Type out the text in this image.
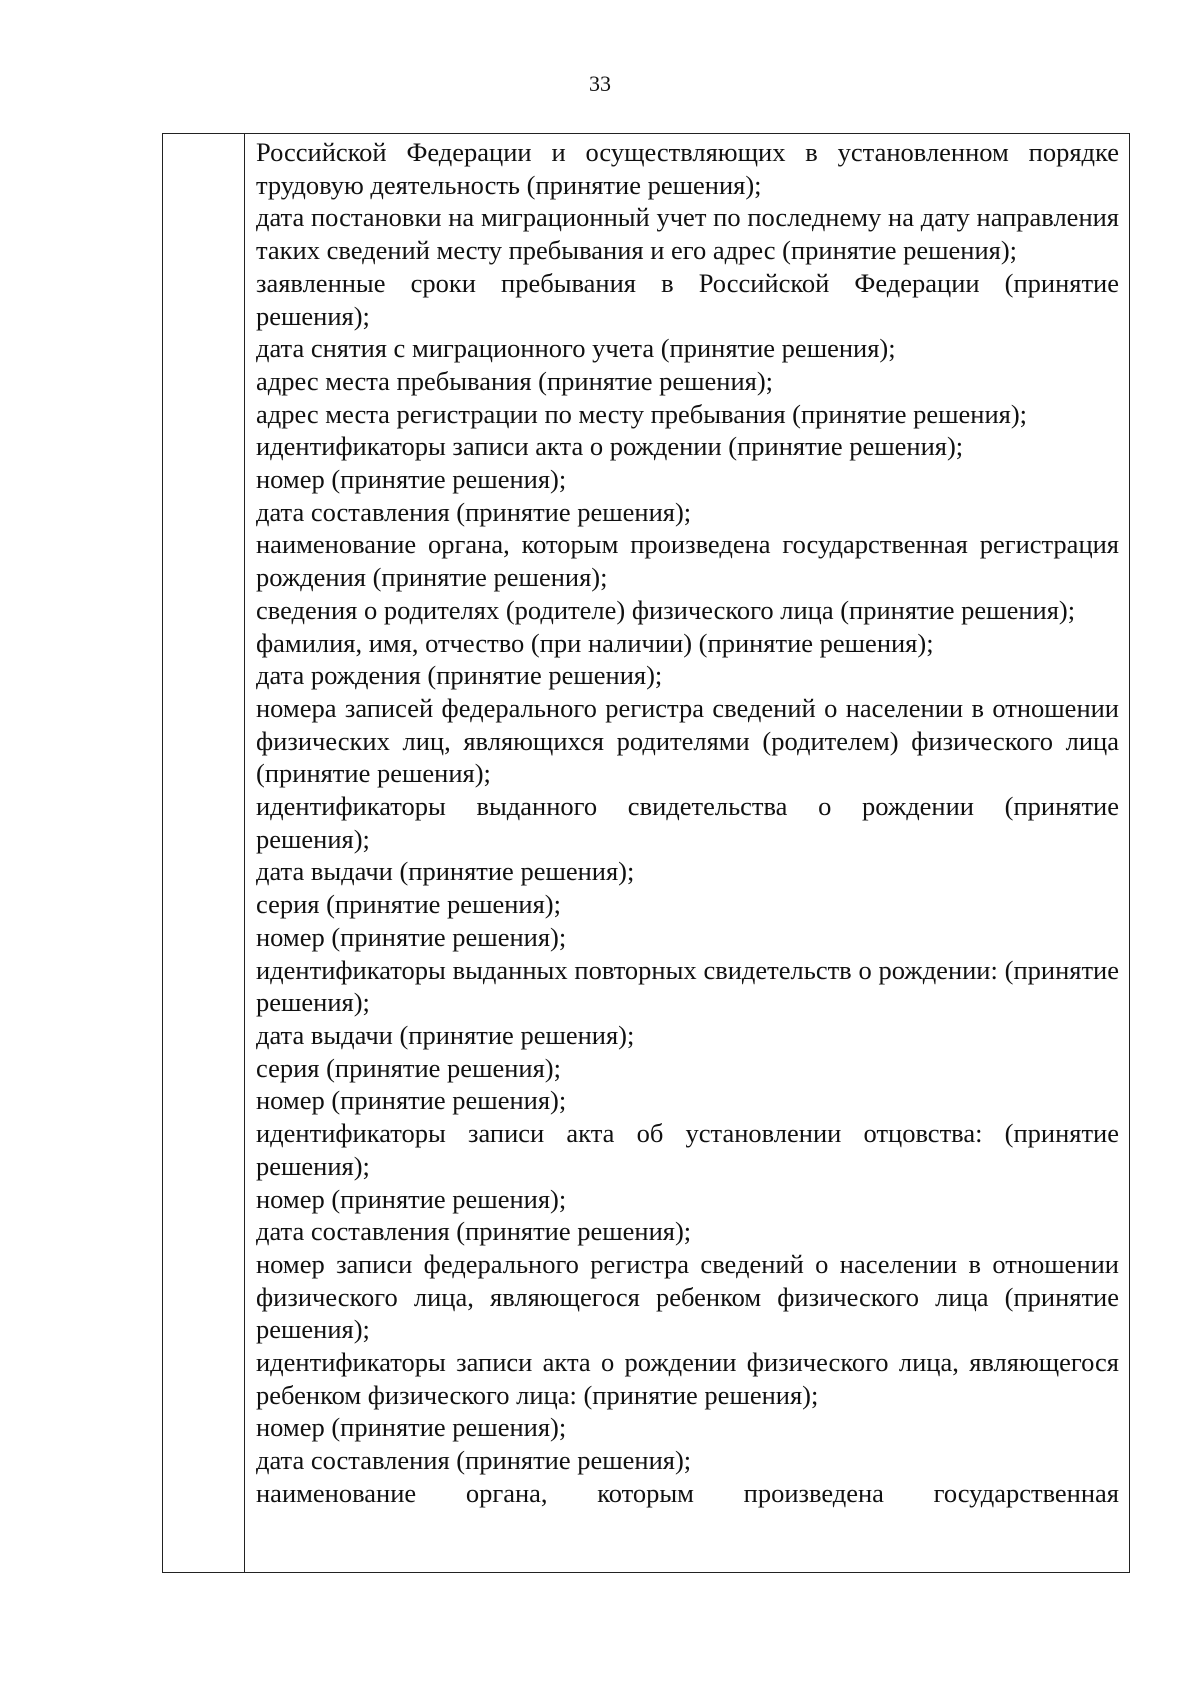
33

Российской Федерации и осуществляющих в установленном порядке трудовую деятельность (принятие решения);

дата постановки на миграционный учет по последнему на дату направления таких сведений месту пребывания и его адрес (принятие решения);

заявленные сроки пребывания в Российской Федерации (принятие решения);

дата снятия с миграционного учета (принятие решения);

адрес места пребывания (принятие решения);

адрес места регистрации по месту пребывания (принятие решения);

идентификаторы записи акта о рождении (принятие решения);

номер (принятие решения);

дата составления (принятие решения);

наименование органа, которым произведена государственная регистрация рождения (принятие решения);

сведения о родителях (родителе) физического лица (принятие решения);

фамилия, имя, отчество (при наличии) (принятие решения);

дата рождения (принятие решения);

номера записей федерального регистра сведений о населении в отношении физических лиц, являющихся родителями (родителем) физического лица (принятие решения);

идентификаторы выданного свидетельства о рождении (принятие решения);

дата выдачи (принятие решения);

серия (принятие решения);

номер (принятие решения);

идентификаторы выданных повторных свидетельств о рождении: (принятие решения);

дата выдачи (принятие решения);

серия (принятие решения);

номер (принятие решения);

идентификаторы записи акта об установлении отцовства: (принятие решения);

номер (принятие решения);

дата составления (принятие решения);

номер записи федерального регистра сведений о населении в отношении физического лица, являющегося ребенком физического лица (принятие решения);

идентификаторы записи акта о рождении физического лица, являющегося ребенком физического лица: (принятие решения);

номер (принятие решения);

дата составления (принятие решения);

наименование органа, которым произведена государственная
